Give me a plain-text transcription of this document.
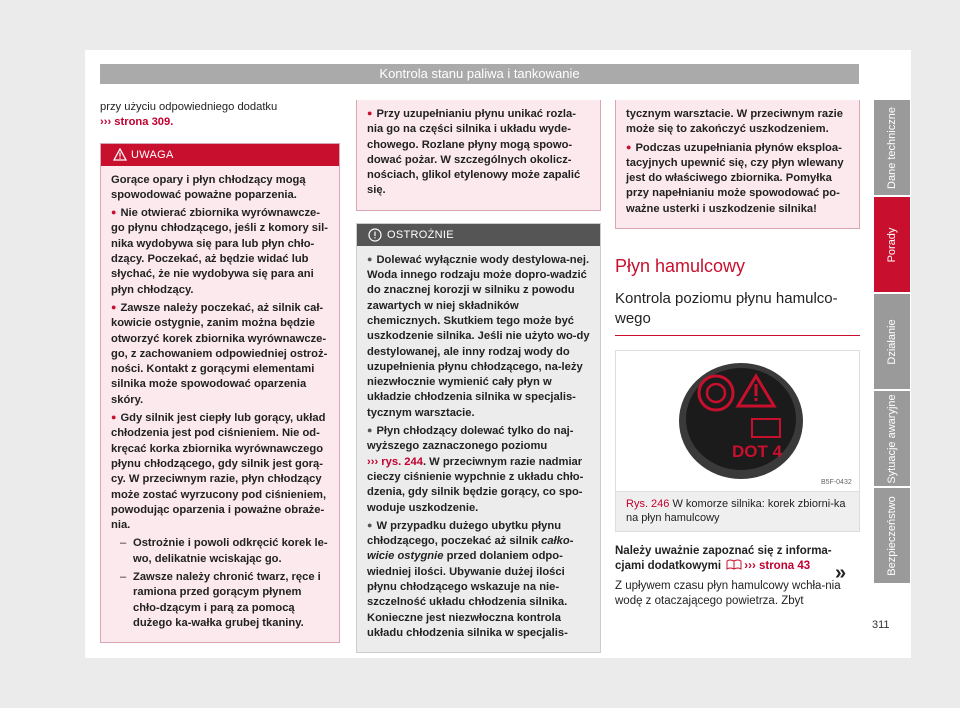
Kontrola stanu paliwa i tankowanie

przy użyciu odpowiedniego dodatku
››› strona 309.

UWAGA

Gorące opary i płyn chłodzący mogą spowodować poważne poparzenia.

● Nie otwierać zbiornika wyrównawcze-go płynu chłodzącego, jeśli z komory sil-nika wydobywa się para lub płyn chło-dzący. Poczekać, aż będzie widać lub słychać, że nie wydobywa się para ani płyn chłodzący.

● Zawsze należy poczekać, aż silnik cał-kowicie ostygnie, zanim można będzie otworzyć korek zbiornika wyrównawcze-go, z zachowaniem odpowiedniej ostroż-ności. Kontakt z gorącymi elementami silnika może spowodować oparzenia skóry.

● Gdy silnik jest ciepły lub gorący, układ chłodzenia jest pod ciśnieniem. Nie od-kręcać korka zbiornika wyrównawczego płynu chłodzącego, gdy silnik jest gorą-cy. W przeciwnym razie, płyn chłodzący może zostać wyrzucony pod ciśnieniem, powodując oparzenia i poważne obraże-nia.

– Ostrożnie i powoli odkręcić korek le-wo, delikatnie wciskając go.

– Zawsze należy chronić twarz, ręce i ramiona przed gorącym płynem chło-dzącym i parą za pomocą dużego ka-wałka grubej tkaniny.

● Przy uzupełnianiu płynu unikać rozla-nia go na części silnika i układu wyde-chowego. Rozlane płyny mogą spowo-dować pożar. W szczególnych okolicz-nościach, glikol etylenowy może zapalić się.

OSTROŻNIE

● Dolewać wyłącznie wody destylowa-nej. Woda innego rodzaju może dopro-wadzić do znacznej korozji w silniku z powodu zawartych w niej składników chemicznych. Skutkiem tego może być uszkodzenie silnika. Jeśli nie użyto wo-dy destylowanej, ale inny rodzaj wody do uzupełnienia płynu chłodzącego, na-leży niezwłocznie wymienić cały płyn w układzie chłodzenia silnika w specjalis-tycznym warsztacie.

● Płyn chłodzący dolewać tylko do naj-wyższego zaznaczonego poziomu
››› rys. 244. W przeciwnym razie nadmiar cieczy ciśnienie wypchnie z układu chło-dzenia, gdy silnik będzie gorący, co spo-woduje uszkodzenie.

● W przypadku dużego ubytku płynu chłodzącego, poczekać aż silnik całko-wicie ostygnie przed dolaniem odpo-wiedniej ilości. Ubywanie dużej ilości płynu chłodzącego wskazuje na nie-szczelność układu chłodzenia silnika. Konieczne jest niezwłoczna kontrola układu chłodzenia silnika w specjalis-

tycznym warsztacie. W przeciwnym razie może się to zakończyć uszkodzeniem.

● Podczas uzupełniania płynów eksploa-tacyjnych upewnić się, czy płyn wlewany jest do właściwego zbiornika. Pomyłka przy napełnianiu może spowodować po-ważne usterki i uszkodzenie silnika!

Płyn hamulcowy
Kontrola poziomu płynu hamulco-wego
DOT 4
B5F-0432
Rys. 246 W komorze silnika: korek zbiorni-ka na płyn hamulcowy

Należy uważnie zapoznać się z informa-cjami dodatkowymi ››› strona 43

Z upływem czasu płyn hamulcowy wchła-nia wodę z otaczającego powietrza. Zbyt

»
Dane techniczne
Porady
Działanie
Sytuacje awaryjne
Bezpieczeństwo
311
